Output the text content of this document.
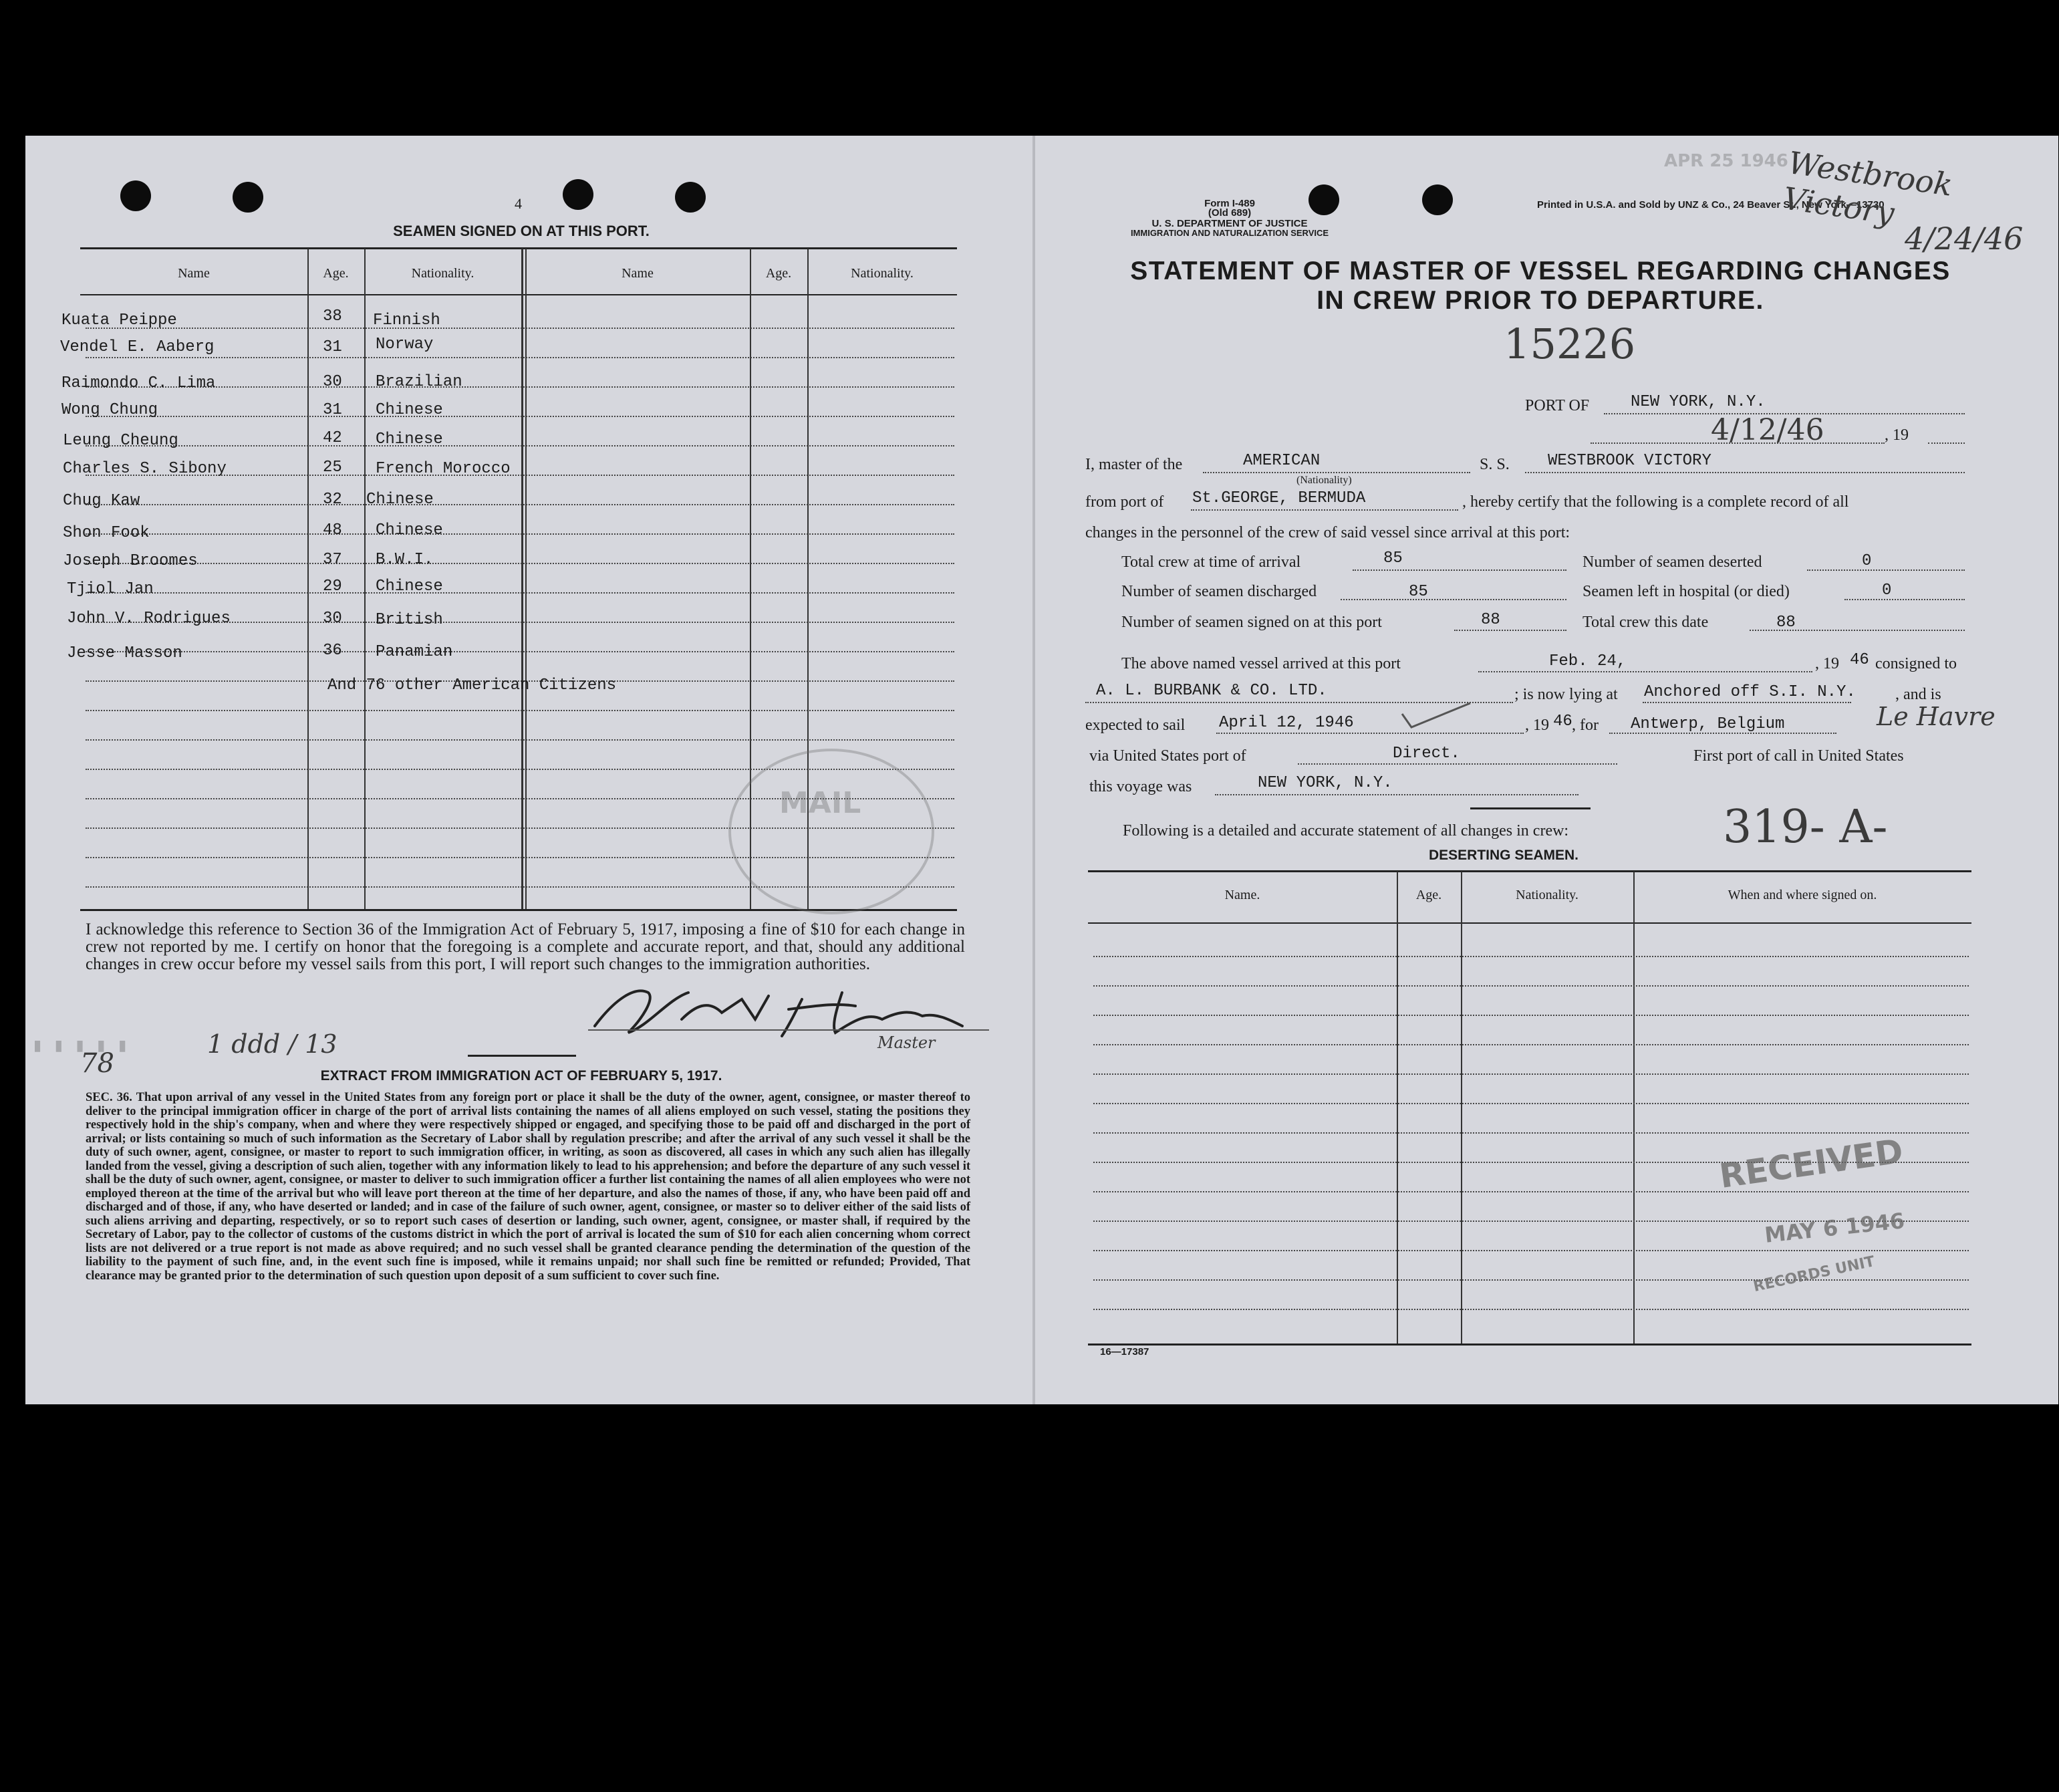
4
SEAMEN SIGNED ON AT THIS PORT.
Name	Age.	Nationality.	Name	Age.	Nationality.
Kuata Peippe	38 Finnish
Vendel E. Aaberg	31 Norway
Raimondo C. Lima	30 Brazilian
Wong Chung	31 Chinese
Leung Cheung	42 Chinese
Charles S. Sibony	25 French Morocco
Chug Kaw	32 Chinese
Shon Fook	48 Chinese
Joseph Broomes	37 B.W.I.
Tjiol Jan	29 Chinese
John V. Rodrigues	30 British
Jesse Masson	36 Panamian
And 76 other American Citizens
MAIL
I acknowledge this reference to Section 36 of the Immigration Act of February 5, 1917, imposing a fine of $10 for each change in crew not reported by me. I certify on honor that the foregoing is a complete and accurate report, and that, should any additional changes in crew occur before my vessel sails from this port, I will report such changes to the immigration authorities.
Master
1 ddd / 13
78
▮ ▮ ▮ ▮ ▮
EXTRACT FROM IMMIGRATION ACT OF FEBRUARY 5, 1917.
SEC. 36. That upon arrival of any vessel in the United States from any foreign port or place it shall be the duty of the owner, agent, consignee, or master thereof to deliver to the principal immigration officer in charge of the port of arrival lists containing the names of all aliens employed on such vessel, stating the positions they respectively hold in the ship's company, when and where they were respectively shipped or engaged, and specifying those to be paid off and discharged in the port of arrival; or lists containing so much of such information as the Secretary of Labor shall by regulation prescribe; and after the arrival of any such vessel it shall be the duty of such owner, agent, consignee, or master to report to such immigration officer, in writing, as soon as discovered, all cases in which any such alien has illegally landed from the vessel, giving a description of such alien, together with any information likely to lead to his apprehension; and before the departure of any such vessel it shall be the duty of such owner, agent, consignee, or master to deliver to such immigration officer a further list containing the names of all alien employees who were not employed thereon at the time of the arrival but who will leave port thereon at the time of her departure, and also the names of those, if any, who have been paid off and discharged and of those, if any, who have deserted or landed; and in case of the failure of such owner, agent, consignee, or master so to deliver either of the said lists of such aliens arriving and departing, respectively, or so to report such cases of desertion or landing, such owner, agent, consignee, or master shall, if required by the Secretary of Labor, pay to the collector of customs of the customs district in which the port of arrival is located the sum of $10 for each alien concerning whom correct lists are not delivered or a true report is not made as above required; and no such vessel shall be granted clearance pending the determination of the question of the liability to the payment of such fine, and, in the event such fine is imposed, while it remains unpaid; nor shall such fine be remitted or refunded; Provided, That clearance may be granted prior to the determination of such question upon deposit of a sum sufficient to cover such fine.
Form I-489
(Old 689)
U. S. DEPARTMENT OF JUSTICE
IMMIGRATION AND NATURALIZATION SERVICE
Printed in U.S.A. and Sold by UNZ & Co., 24 Beaver St., New York—13730
APR 25 1946
Westbrook Victory
4/24/46
STATEMENT OF MASTER OF VESSEL REGARDING CHANGES
IN CREW PRIOR TO DEPARTURE.
15226
PORT OF	NEW YORK, N.Y.
4/12/46	, 19
I, master of the	AMERICAN
(Nationality)
S. S. WESTBROOK VICTORY
from port of St.GEORGE, BERMUDA	, hereby certify that the following is a complete record of all
changes in the personnel of the crew of said vessel since arrival at this port:
Total crew at time of arrival	85	Number of seamen deserted	0
Number of seamen discharged	85	Seamen left in hospital (or died)	0
Number of seamen signed on at this port	88	Total crew this date	88
The above named vessel arrived at this port	Feb. 24,	, 19 46 consigned to
A. L. BURBANK & CO. LTD.	; is now lying at Anchored off S.I. N.Y. , and is
expected to sail April 12, 1946	, 19 46 , for Antwerp, Belgium	Le Havre
via United States port of	Direct.	First port of call in United States
this voyage was	NEW YORK, N.Y.
Following is a detailed and accurate statement of all changes in crew:	319- A-
DESERTING SEAMEN.
Name.	Age.	Nationality.	When and where signed on.
RECEIVED
MAY 6 1946
RECORDS UNIT
16—17387
